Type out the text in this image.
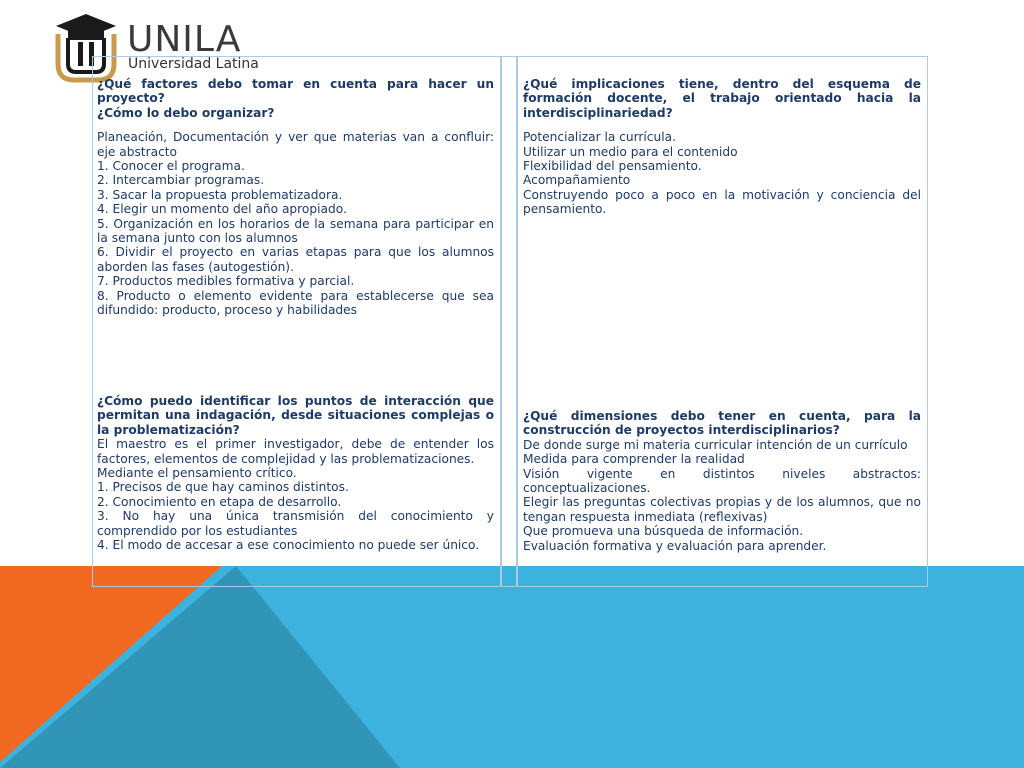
UNILA
Universidad Latina

¿Qué factores debo tomar en cuenta para hacer un proyecto?

¿Cómo lo debo organizar?

Planeación, Documentación y ver que materias van a confluir: eje abstracto

1. Conocer el programa.

2. Intercambiar programas.

3. Sacar la propuesta problematizadora.

4. Elegir un momento del año apropiado.

5. Organización en los horarios de la semana para participar en la semana junto con los alumnos

6. Dividir el proyecto en varias etapas para que los alumnos aborden las fases (autogestión).

7. Productos medibles formativa y parcial.

8. Producto o elemento evidente para establecerse que sea difundido: producto, proceso y habilidades

¿Qué implicaciones tiene, dentro del esquema de formación docente, el trabajo orientado hacia la interdisciplinariedad?

Potencializar la currícula.

Utilizar un medio para el contenido

Flexibilidad del pensamiento.

Acompañamiento

Construyendo poco a poco en la motivación y conciencia del pensamiento.

¿Cómo puedo identificar los puntos de interacción que permitan una indagación, desde situaciones complejas o la problematización?

El maestro es el primer investigador, debe de entender los factores, elementos de complejidad y las problematizaciones.

Mediante el pensamiento crítico.

1. Precisos de que hay caminos distintos.

2. Conocimiento en etapa de desarrollo.

3. No hay una única transmisión del conocimiento y comprendido por los estudiantes

4. El modo de accesar a ese conocimiento no puede ser único.

¿Qué dimensiones debo tener en cuenta, para la construcción de proyectos interdisciplinarios?

De donde surge mi materia curricular intención de un currículo

Medida para comprender la realidad

Visión vigente en distintos niveles abstractos: conceptualizaciones.

Elegir las preguntas colectivas propias y de los alumnos, que no tengan respuesta inmediata (reflexivas)

Que promueva una búsqueda de información.

Evaluación formativa y evaluación para aprender.
